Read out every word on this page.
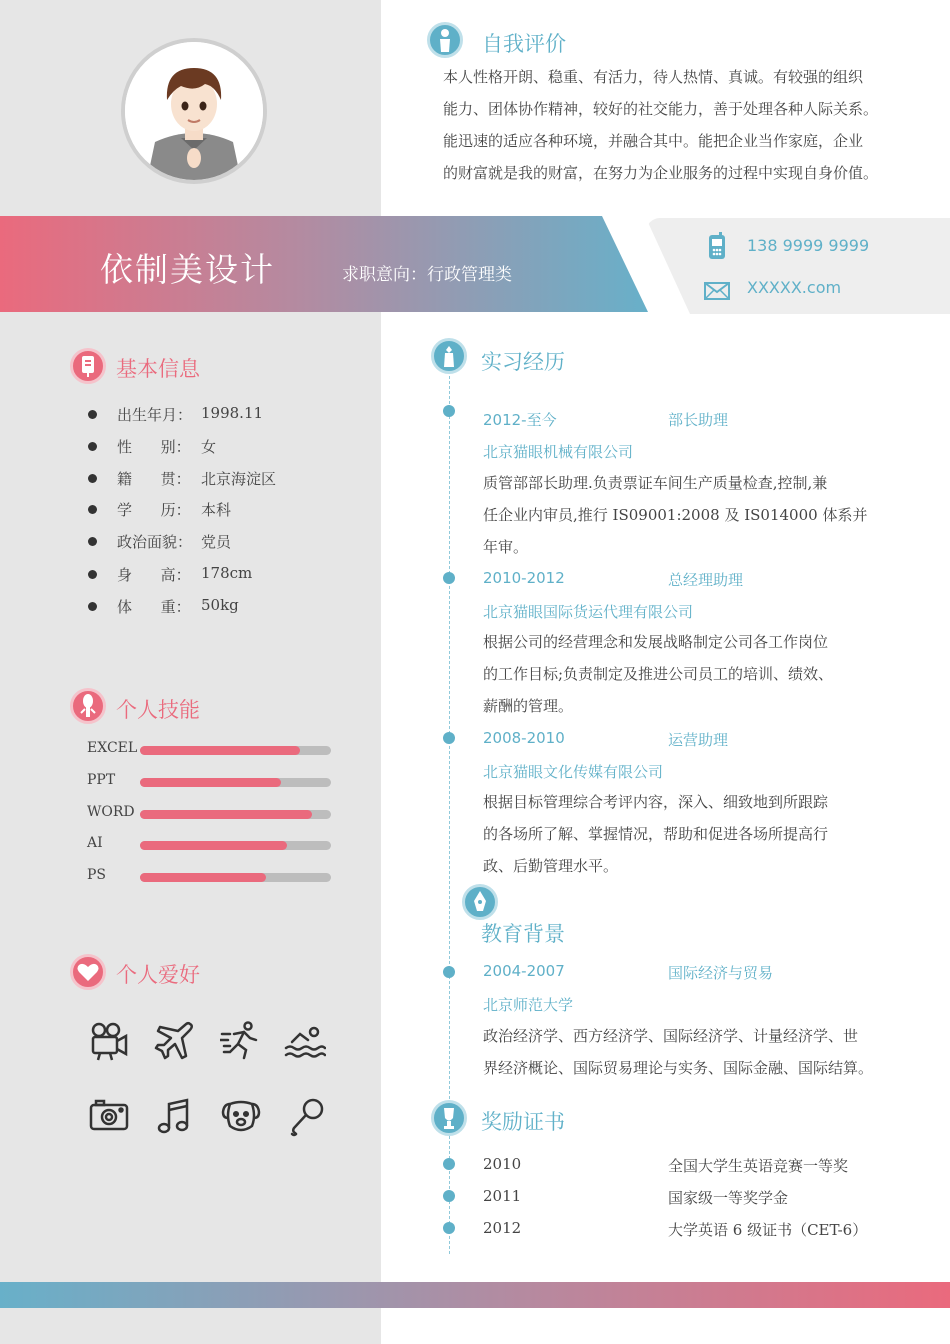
依制美设计	求职意向：行政管理类
138 9999 9999
XXXXX.com
基本信息
出生年月： 1998.11
性      别： 女
籍      贯： 北京海淀区
学      历： 本科
政治面貌： 党员
身      高： 178cm
体      重： 50kg
个人技能
EXCEL
PPT
WORD
AI
PS
个人爱好
自我评价
本人性格开朗、稳重、有活力，待人热情、真诚。有较强的组织
能力、团体协作精神，较好的社交能力，善于处理各种人际关系。
能迅速的适应各种环境，并融合其中。能把企业当作家庭，企业
的财富就是我的财富，在努力为企业服务的过程中实现自身价值。
实习经历
2012-至今	部长助理
北京猫眼机械有限公司
质管部部长助理.负责票证车间生产质量检查,控制,兼
任企业内审员,推行 IS09001:2008 及 IS014000 体系并
年审。
2010-2012	总经理助理
北京猫眼国际货运代理有限公司
根据公司的经营理念和发展战略制定公司各工作岗位
的工作目标;负责制定及推进公司员工的培训、绩效、
薪酬的管理。
2008-2010	运营助理
北京猫眼文化传媒有限公司
根据目标管理综合考评内容，深入、细致地到所跟踪
的各场所了解、掌握情况，帮助和促进各场所提高行
政、后勤管理水平。
教育背景
2004-2007	国际经济与贸易
北京师范大学
政治经济学、西方经济学、国际经济学、计量经济学、世
界经济概论、国际贸易理论与实务、国际金融、国际结算。
奖励证书
2010	全国大学生英语竞赛一等奖
2011	国家级一等奖学金
2012	大学英语 6 级证书（CET-6）
